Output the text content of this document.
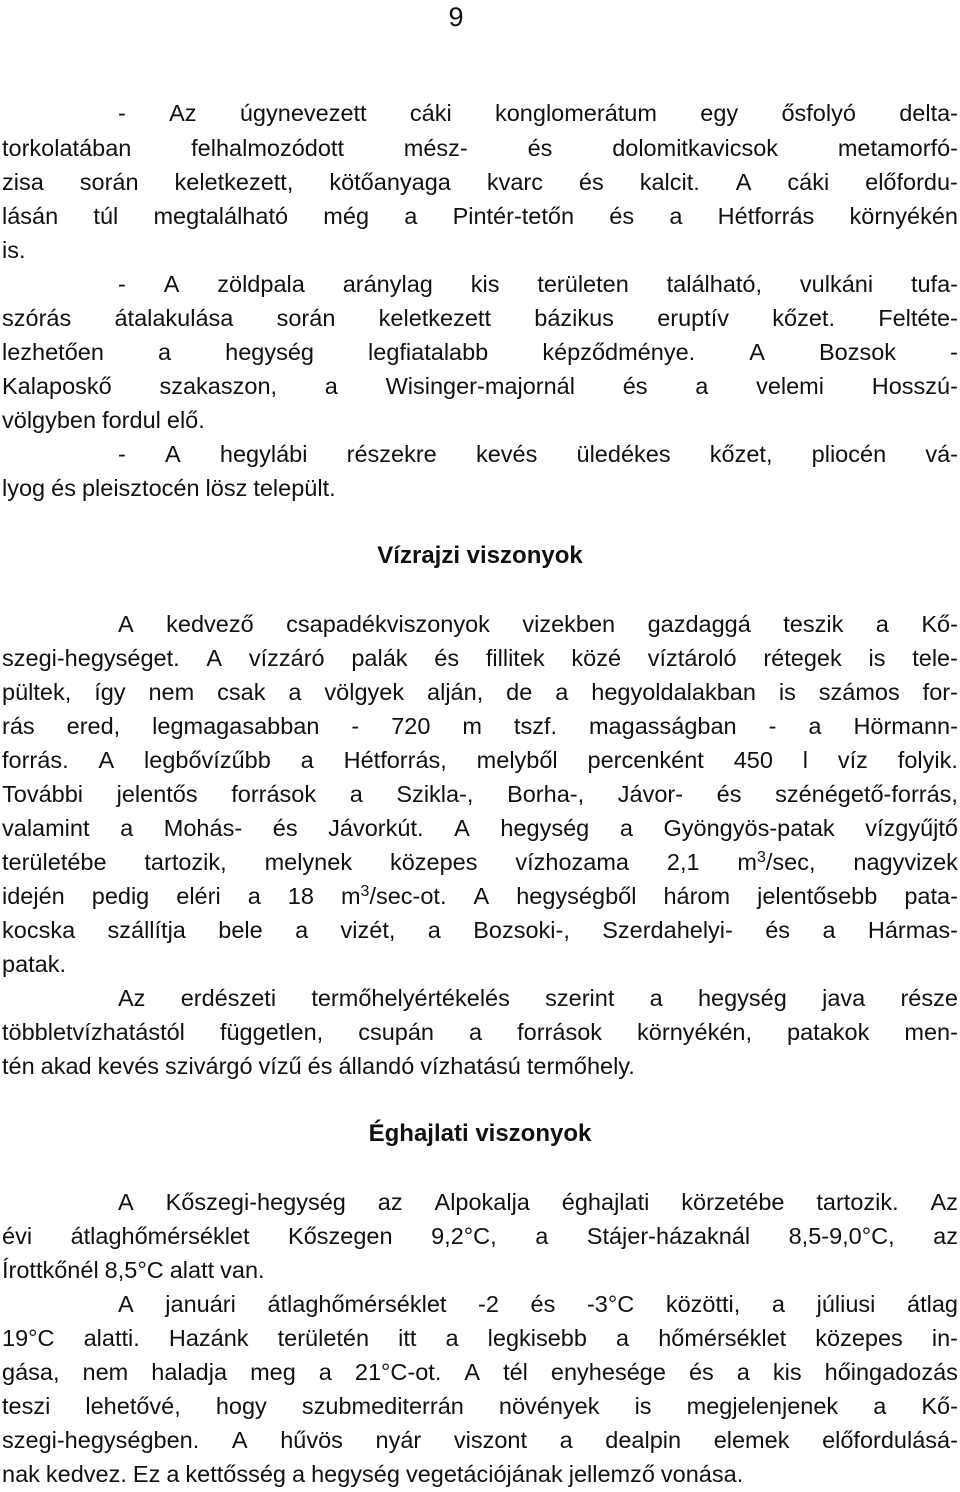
9
- Az úgynevezett cáki konglomerátum egy ősfolyó delta-
torkolatában	felhalmozódott	mész-	és	dolomitkavicsok	metamorfó-
zisa során keletkezett, kötőanyaga kvarc és kalcit. A cáki előfordu-
lásán túl megtalálható még a Pintér-tetőn és a Hétforrás környékén
is.
- A zöldpala aránylag kis területen található, vulkáni tufa-
szórás átalakulása során keletkezett bázikus eruptív kőzet. Feltéte-
lezhetően a hegység legfiatalabb képződménye. A Bozsok -
Kalaposkő szakaszon, a Wisinger-majornál és a velemi Hosszú-
völgyben fordul elő.
- A hegylábi részekre kevés üledékes kőzet, pliocén vá-
lyog és pleisztocén lösz települt.
Vízrajzi viszonyok
A kedvező csapadékviszonyok vizekben gazdaggá teszik a Kő-
szegi-hegységet. A vízzáró palák és fillitek közé víztároló rétegek is tele-
pültek, így nem csak a völgyek alján, de a hegyoldalakban is számos for-
rás ered, legmagasabban - 720 m tszf. magasságban - a Hörmann-
forrás. A legbővízűbb a Hétforrás, melyből percenként 450 l víz folyik.
További jelentős források a Szikla-, Borha-, Jávor- és szénégető-forrás,
valamint a Mohás- és Jávorkút. A hegység a Gyöngyös-patak vízgyűjtő
területébe tartozik, melynek közepes vízhozama 2,1 $m^3/\sec$, nagyvizek
idején pedig eléri a 18 $m^3/\sec-ot$. A hegységből három jelentősebb pata-
kocska szállítja bele a vizét, a Bozsoki-, Szerdahelyi- és a Hármas-
patak.
Az erdészeti termőhelyértékelés szerint a hegység java része
többletvízhatástól független, csupán a források környékén, patakok men-
tén akad kevés szivárgó vízű és állandó vízhatású termőhely.
Éghajlati viszonyok
A Kőszegi-hegység az Alpokalja éghajlati körzetébe tartozik. Az
évi átlaghőmérséklet Kőszegen 9,2°C, a Stájer-házaknál 8,5-9,0°C, az
Írottkőnél 8,5°C alatt van.
A januári átlaghőmérséklet -2 és -3°C közötti, a júliusi átlag
19°C alatti. Hazánk területén itt a legkisebb a hőmérséklet közepes in-
gása, nem haladja meg a 21°C-ot. A tél enyhesége és a kis hőingadozás
teszi lehetővé, hogy szubmediterrán növények is megjelenjenek a Kő-
szegi-hegységben. A hűvös nyár viszont a dealpin elemek előfordulásá-
nak kedvez. Ez a kettősség a hegység vegetációjának jellemző vonása.
